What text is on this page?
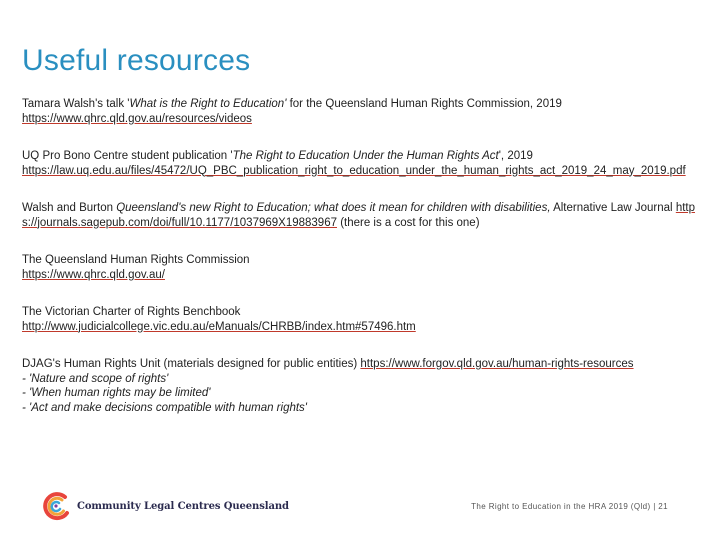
Useful resources
Tamara Walsh's talk 'What is the Right to Education' for the Queensland Human Rights Commission, 2019
https://www.qhrc.qld.gov.au/resources/videos
UQ Pro Bono Centre student publication 'The Right to Education Under the Human Rights Act', 2019
https://law.uq.edu.au/files/45472/UQ_PBC_publication_right_to_education_under_the_human_rights_act_2019_24_may_2019.pdf
Walsh and Burton Queensland's new Right to Education; what does it mean for children with disabilities, Alternative Law Journal https://journals.sagepub.com/doi/full/10.1177/1037969X19883967 (there is a cost for this one)
The Queensland Human Rights Commission
https://www.qhrc.qld.gov.au/
The Victorian Charter of Rights Benchbook
http://www.judicialcollege.vic.edu.au/eManuals/CHRBB/index.htm#57496.htm
DJAG's Human Rights Unit (materials designed for public entities) https://www.forgov.qld.gov.au/human-rights-resources
- 'Nature and scope of rights'
- 'When human rights may be limited'
- 'Act and make decisions compatible with human rights'
Community Legal Centres Queensland	The Right to Education in the HRA 2019 (Qld) | 21
